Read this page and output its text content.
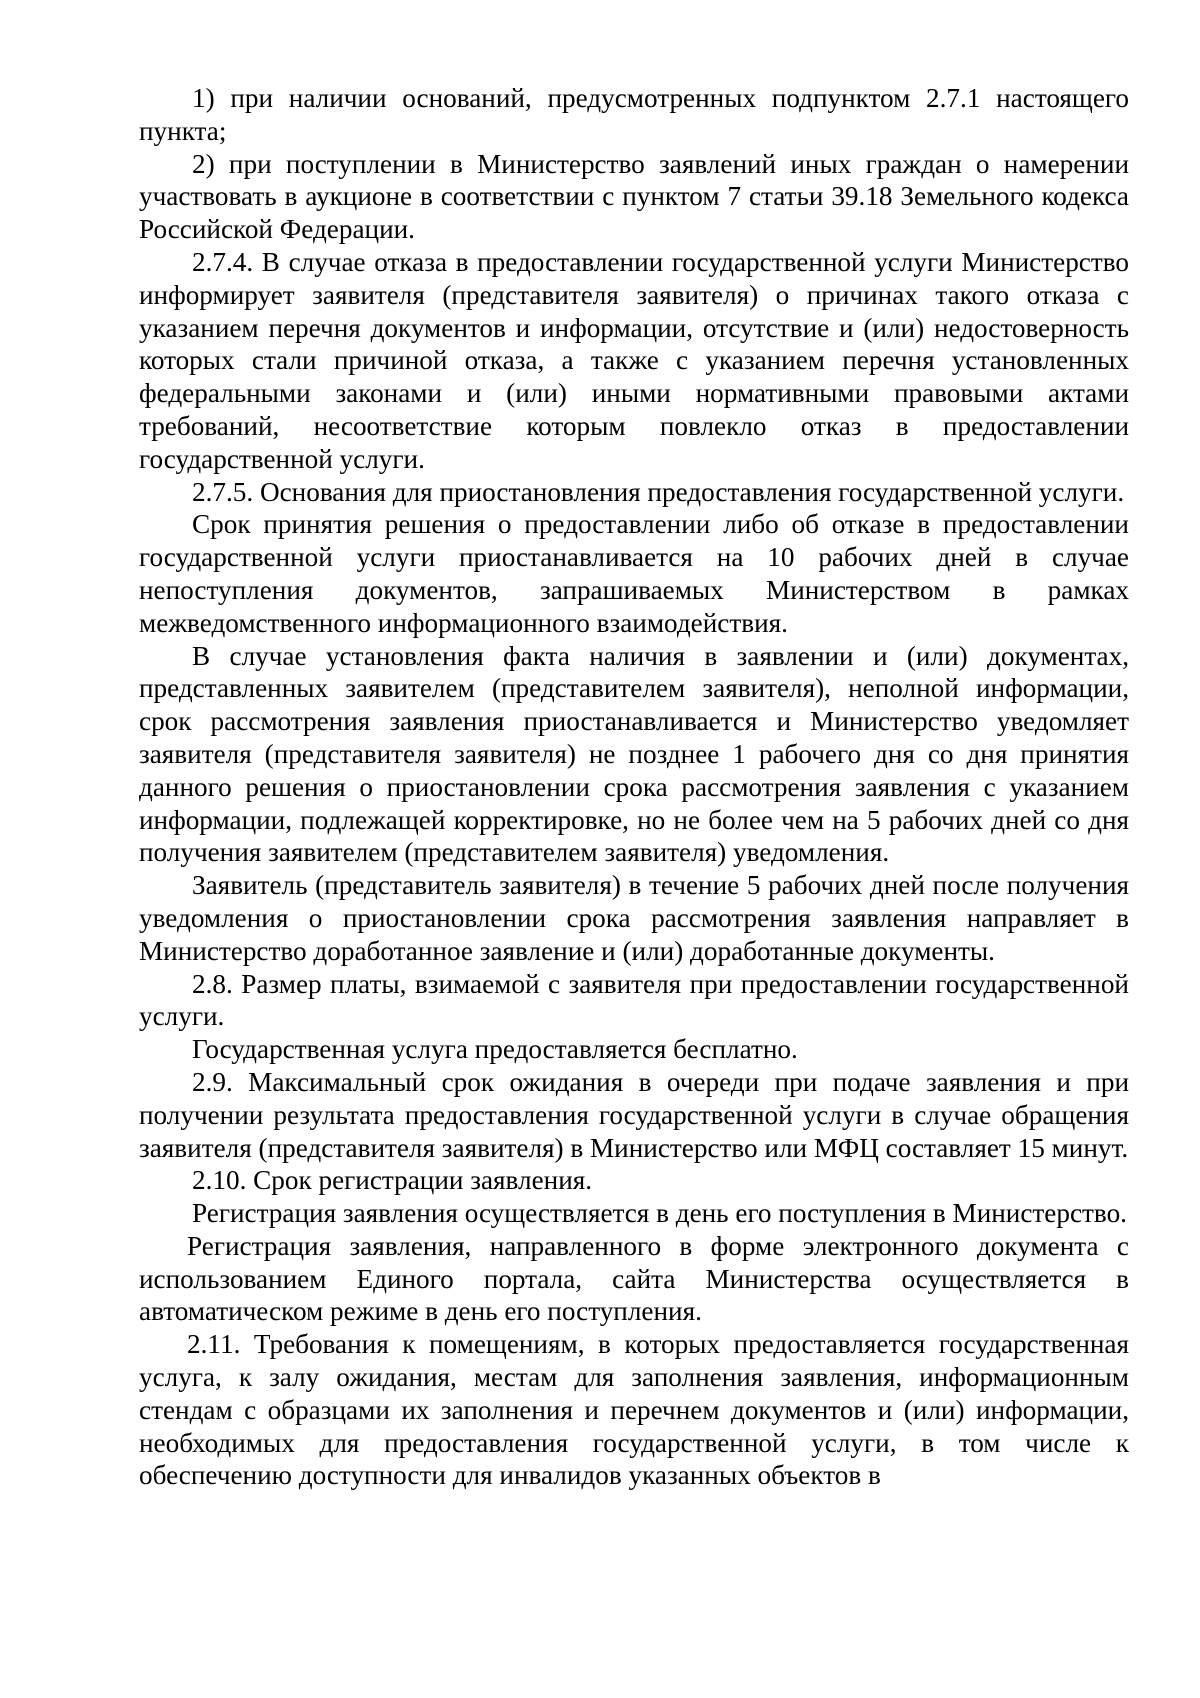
1) при наличии оснований, предусмотренных подпунктом 2.7.1 настоящего пункта;

2) при поступлении в Министерство заявлений иных граждан о намерении участвовать в аукционе в соответствии с пунктом 7 статьи 39.18 Земельного кодекса Российской Федерации.

2.7.4. В случае отказа в предоставлении государственной услуги Министерство информирует заявителя (представителя заявителя) о причинах такого отказа с указанием перечня документов и информации, отсутствие и (или) недостоверность которых стали причиной отказа, а также с указанием перечня установленных федеральными законами и (или) иными нормативными правовыми актами требований, несоответствие которым повлекло отказ в предоставлении государственной услуги.

2.7.5. Основания для приостановления предоставления государственной услуги.

Срок принятия решения о предоставлении либо об отказе в предоставлении государственной услуги приостанавливается на 10 рабочих дней в случае непоступления документов, запрашиваемых Министерством в рамках межведомственного информационного взаимодействия.

В случае установления факта наличия в заявлении и (или) документах, представленных заявителем (представителем заявителя), неполной информации, срок рассмотрения заявления приостанавливается и Министерство уведомляет заявителя (представителя заявителя) не позднее 1 рабочего дня со дня принятия данного решения о приостановлении срока рассмотрения заявления с указанием информации, подлежащей корректировке, но не более чем на 5 рабочих дней со дня получения заявителем (представителем заявителя) уведомления.

Заявитель (представитель заявителя) в течение 5 рабочих дней после получения уведомления о приостановлении срока рассмотрения заявления направляет в Министерство доработанное заявление и (или) доработанные документы.

2.8. Размер платы, взимаемой с заявителя при предоставлении государственной услуги.

Государственная услуга предоставляется бесплатно.

2.9. Максимальный срок ожидания в очереди при подаче заявления и при получении результата предоставления государственной услуги в случае обращения заявителя (представителя заявителя) в Министерство или МФЦ составляет 15 минут.

2.10. Срок регистрации заявления.

Регистрация заявления осуществляется в день его поступления в Министерство.

Регистрация заявления, направленного в форме электронного документа с использованием Единого портала, сайта Министерства осуществляется в автоматическом режиме в день его поступления.

2.11. Требования к помещениям, в которых предоставляется государственная услуга, к залу ожидания, местам для заполнения заявления, информационным стендам с образцами их заполнения и перечнем документов и (или) информации, необходимых для предоставления государственной услуги, в том числе к обеспечению доступности для инвалидов указанных объектов в
